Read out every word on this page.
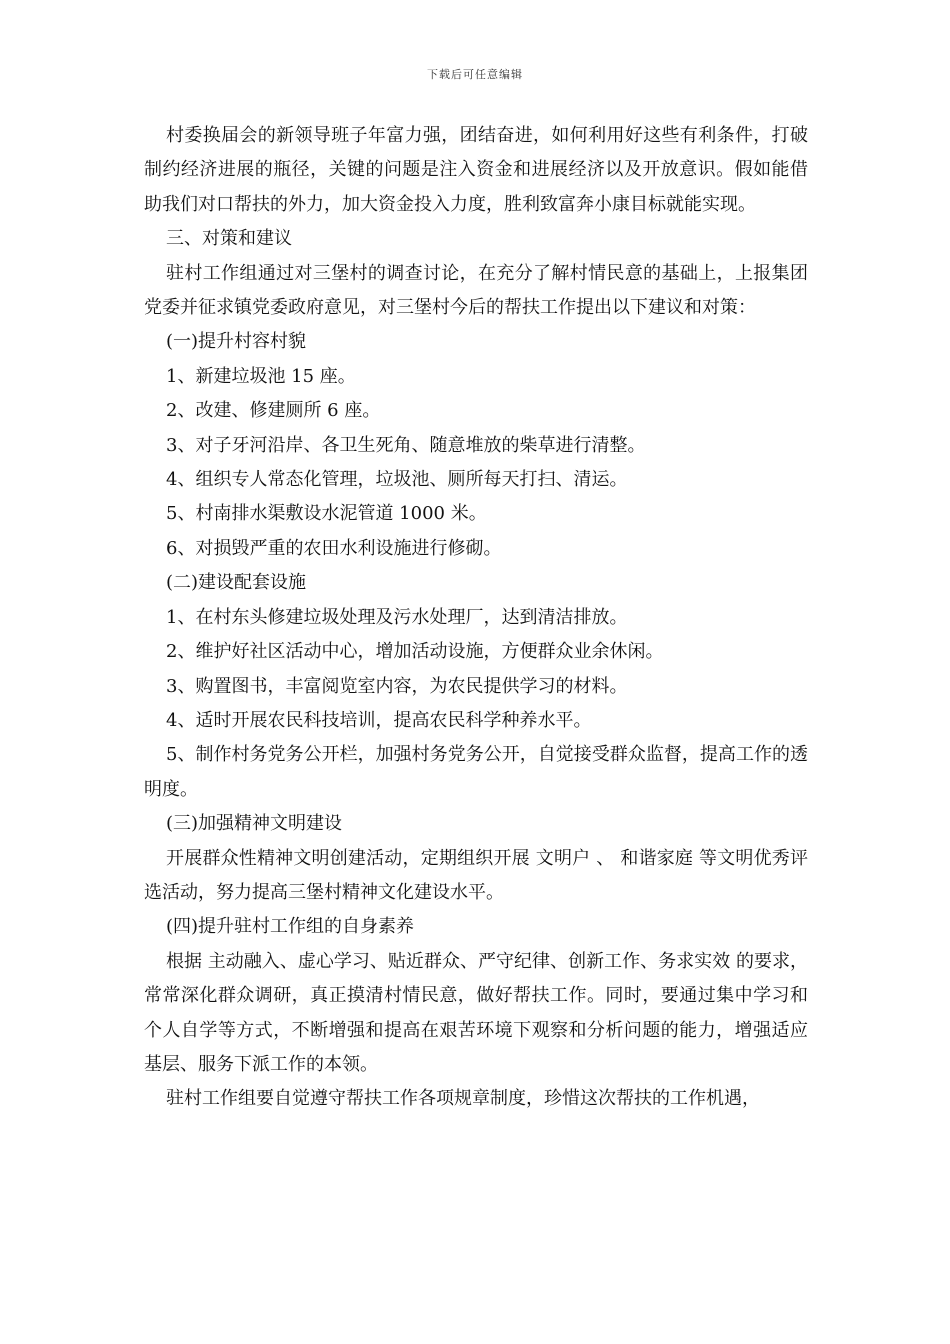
下载后可任意编辑

村委换届会的新领导班子年富力强，团结奋进，如何利用好这些有利条件，打破制约经济进展的瓶径，关键的问题是注入资金和进展经济以及开放意识。假如能借助我们对口帮扶的外力，加大资金投入力度，胜利致富奔小康目标就能实现。

三、对策和建议

驻村工作组通过对三堡村的调查讨论，在充分了解村情民意的基础上，上报集团党委并征求镇党委政府意见，对三堡村今后的帮扶工作提出以下建议和对策：

(一)提升村容村貌

1、新建垃圾池 15 座。

2、改建、修建厕所 6 座。

3、对子牙河沿岸、各卫生死角、随意堆放的柴草进行清整。

4、组织专人常态化管理，垃圾池、厕所每天打扫、清运。

5、村南排水渠敷设水泥管道 1000 米。

6、对损毁严重的农田水利设施进行修砌。

(二)建设配套设施

1、在村东头修建垃圾处理及污水处理厂，达到清洁排放。

2、维护好社区活动中心，增加活动设施，方便群众业余休闲。

3、购置图书，丰富阅览室内容，为农民提供学习的材料。

4、适时开展农民科技培训，提高农民科学种养水平。

5、制作村务党务公开栏，加强村务党务公开，自觉接受群众监督，提高工作的透明度。

(三)加强精神文明建设

开展群众性精神文明创建活动，定期组织开展 文明户 、 和谐家庭 等文明优秀评选活动，努力提高三堡村精神文化建设水平。

(四)提升驻村工作组的自身素养

根据 主动融入、虚心学习、贴近群众、严守纪律、创新工作、务求实效 的要求，常常深化群众调研，真正摸清村情民意，做好帮扶工作。同时，要通过集中学习和个人自学等方式，不断增强和提高在艰苦环境下观察和分析问题的能力，增强适应基层、服务下派工作的本领。

驻村工作组要自觉遵守帮扶工作各项规章制度，珍惜这次帮扶的工作机遇，
